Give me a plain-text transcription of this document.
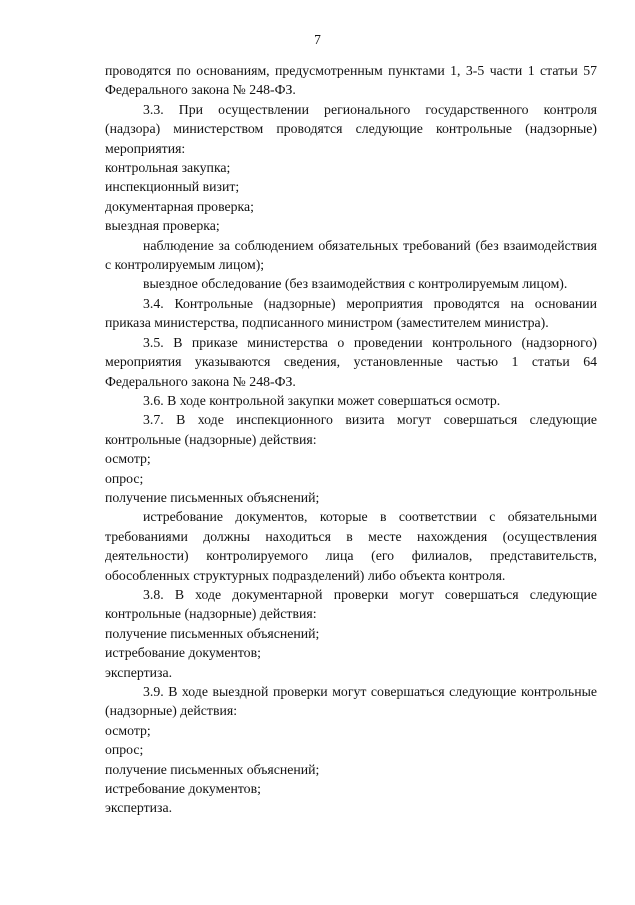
7

проводятся по основаниям, предусмотренным пунктами 1, 3-5 части 1 статьи 57 Федерального закона № 248-ФЗ.

3.3. При осуществлении регионального государственного контроля (надзора) министерством проводятся следующие контрольные (надзорные) мероприятия:

контрольная закупка;

инспекционный визит;

документарная проверка;

выездная проверка;

наблюдение за соблюдением обязательных требований (без взаимодействия с контролируемым лицом);

выездное обследование (без взаимодействия с контролируемым лицом).

3.4. Контрольные (надзорные) мероприятия проводятся на основании приказа министерства, подписанного министром (заместителем министра).

3.5. В приказе министерства о проведении контрольного (надзорного) мероприятия указываются сведения, установленные частью 1 статьи 64 Федерального закона № 248-ФЗ.

3.6. В ходе контрольной закупки может совершаться осмотр.

3.7. В ходе инспекционного визита могут совершаться следующие контрольные (надзорные) действия:

осмотр;

опрос;

получение письменных объяснений;

истребование документов, которые в соответствии с обязательными требованиями должны находиться в месте нахождения (осуществления деятельности) контролируемого лица (его филиалов, представительств, обособленных структурных подразделений) либо объекта контроля.

3.8. В ходе документарной проверки могут совершаться следующие контрольные (надзорные) действия:

получение письменных объяснений;

истребование документов;

экспертиза.

3.9. В ходе выездной проверки могут совершаться следующие контрольные (надзорные) действия:

осмотр;

опрос;

получение письменных объяснений;

истребование документов;

экспертиза.
